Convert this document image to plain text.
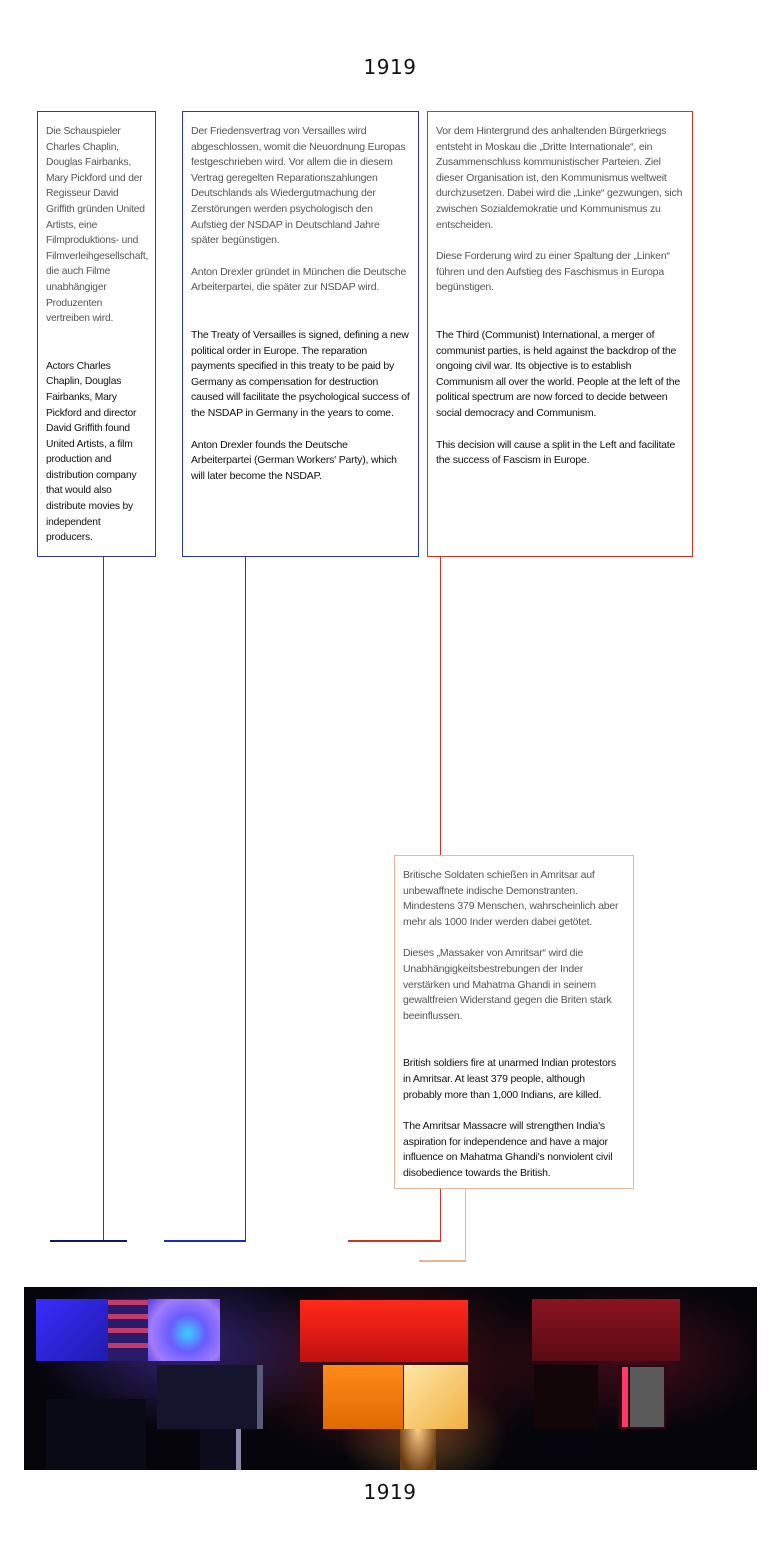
1919

Die Schauspieler Charles Chaplin, Douglas Fairbanks, Mary Pickford und der Regisseur David Griffith gründen United Artists, eine Filmproduktions- und Filmverleihgesellschaft, die auch Filme unabhängiger Produzenten vertreiben wird.

Actors Charles Chaplin, Douglas Fairbanks, Mary Pickford and director David Griffith found United Artists, a film production and distribution company that would also distribute movies by independent producers.

Der Friedensvertrag von Versailles wird abgeschlossen, womit die Neuordnung Europas festgeschrieben wird. Vor allem die in diesem Vertrag geregelten Reparationszahlungen Deutschlands als Wiedergutmachung der Zerstörungen werden psychologisch den Aufstieg der NSDAP in Deutschland Jahre später begünstigen.

Anton Drexler gründet in München die Deutsche Arbeiterpartei, die später zur NSDAP wird.

The Treaty of Versailles is signed, defining a new political order in Europe. The reparation payments specified in this treaty to be paid by Germany as compensation for destruction caused will facilitate the psychological success of the NSDAP in Germany in the years to come.

Anton Drexler founds the Deutsche Arbeiterpartei (German Workers' Party), which will later become the NSDAP.

Vor dem Hintergrund des anhaltenden Bürgerkriegs entsteht in Moskau die „Dritte Internationale“, ein Zusammenschluss kommunistischer Parteien. Ziel dieser Organisation ist, den Kommunismus weltweit durchzusetzen. Dabei wird die „Linke“ gezwungen, sich zwischen Sozialdemokratie und Kommunismus zu entscheiden.

Diese Forderung wird zu einer Spaltung der „Linken“ führen und den Aufstieg des Faschismus in Europa begünstigen.

The Third (Communist) International, a merger of communist parties, is held against the backdrop of the ongoing civil war. Its objective is to establish Communism all over the world. People at the left of the political spectrum are now forced to decide between social democracy and Communism.

This decision will cause a split in the Left and facilitate the success of Fascism in Europe.

Britische Soldaten schießen in Amritsar auf unbewaffnete indische Demonstranten. Mindestens 379 Menschen, wahrscheinlich aber mehr als 1000 Inder werden dabei getötet.

Dieses „Massaker von Amritsar“ wird die Unabhängigkeitsbestrebungen der Inder verstärken und Mahatma Ghandi in seinem gewaltfreien Widerstand gegen die Briten stark beeinflussen.

British soldiers fire at unarmed Indian protestors in Amritsar. At least 379 people, although probably more than 1,000 Indians, are killed.

The Amritsar Massacre will strengthen India's aspiration for independence and have a major influence on Mahatma Ghandi's nonviolent civil disobedience towards the British.

1919
